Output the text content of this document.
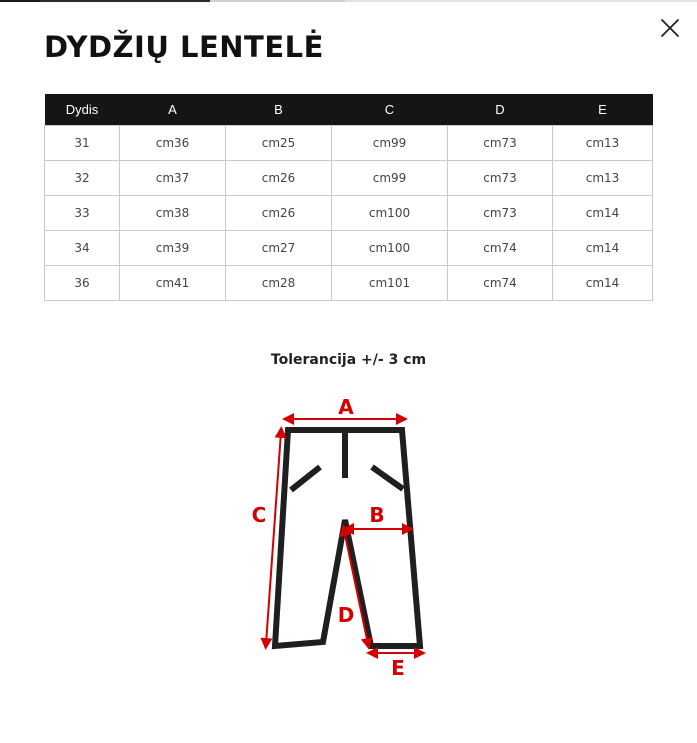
DYDŽIŲ LENTELĖ
Dydis	A	B	C	D	E
31	cm36	cm25	cm99	cm73	cm13
32	cm37	cm26	cm99	cm73	cm13
33	cm38	cm26	cm100	cm73	cm14
34	cm39	cm27	cm100	cm74	cm14
36	cm41	cm28	cm101	cm74	cm14
Tolerancija +/- 3 cm
A
B
C
D
E
